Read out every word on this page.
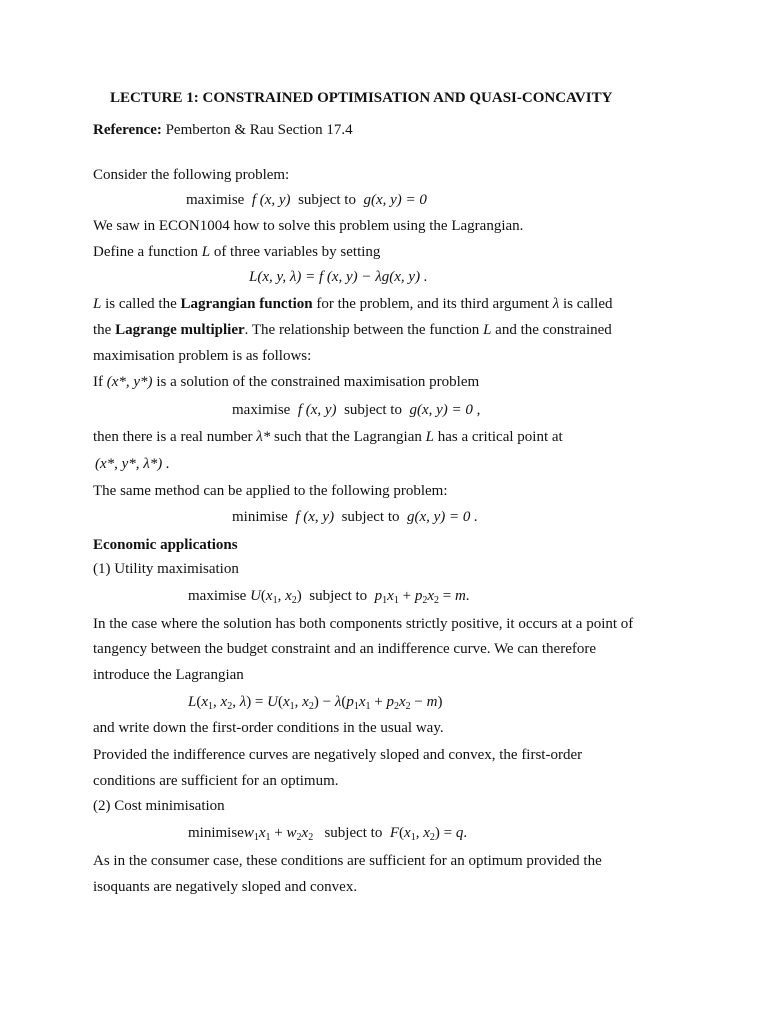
LECTURE 1: CONSTRAINED OPTIMISATION AND QUASI-CONCAVITY
Reference: Pemberton & Rau Section 17.4
Consider the following problem:
maximise f (x, y) subject to g(x, y) = 0
We saw in ECON1004 how to solve this problem using the Lagrangian.
Define a function L of three variables by setting
L(x, y, λ) = f (x, y) − λg(x, y) .
L is called the Lagrangian function for the problem, and its third argument λ is called
the Lagrange multiplier. The relationship between the function L and the constrained
maximisation problem is as follows:
If (x*, y*) is a solution of the constrained maximisation problem
maximise f (x, y) subject to g(x, y) = 0 ,
then there is a real number λ* such that the Lagrangian L has a critical point at
(x*, y*, λ*) .
The same method can be applied to the following problem:
minimise f (x, y) subject to g(x, y) = 0 .
Economic applications
(1) Utility maximisation
maximise $U(x_1$, $x_2$)  subject to $p_1x_1 + p_2x_2 = m$.
In the case where the solution has both components strictly positive, it occurs at a point of
tangency between the budget constraint and an indifference curve. We can therefore
introduce the Lagrangian
$L(x_1$, $x_2$, $\lambda) = U(x_1$, $x_2) - \lambda(p_1x_1 + p_2x_2 - m)$
and write down the first-order conditions in the usual way.
Provided the indifference curves are negatively sloped and convex, the first-order
conditions are sufficient for an optimum.
(2) Cost minimisation
$minimisew_1x_1 + w_2x_2$ subject to $F(x_1$, $x_2) = q$.
As in the consumer case, these conditions are sufficient for an optimum provided the
isoquants are negatively sloped and convex.
